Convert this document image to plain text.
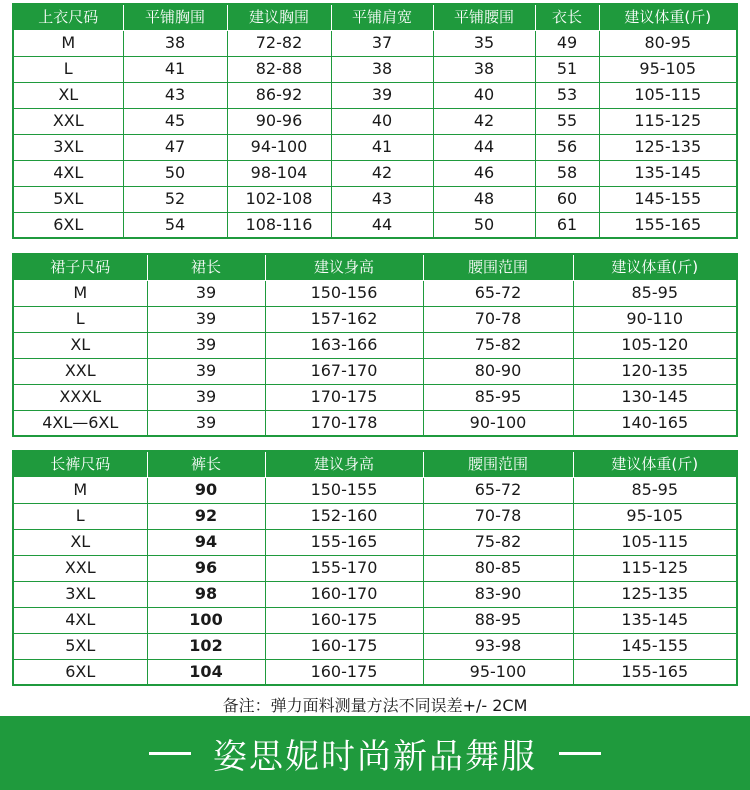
上衣尺码	平铺胸围	建议胸围	平铺肩宽	平铺腰围	衣长	建议体重(斤)
M	38	72-82	37	35	49	80-95
L	41	82-88	38	38	51	95-105
XL	43	86-92	39	40	53	105-115
XXL	45	90-96	40	42	55	115-125
3XL	47	94-100	41	44	56	125-135
4XL	50	98-104	42	46	58	135-145
5XL	52	102-108	43	48	60	145-155
6XL	54	108-116	44	50	61	155-165
裙子尺码	裙长	建议身高	腰围范围	建议体重(斤)
M	39	150-156	65-72	85-95
L	39	157-162	70-78	90-110
XL	39	163-166	75-82	105-120
XXL	39	167-170	80-90	120-135
XXXL	39	170-175	85-95	130-145
4XL—6XL	39	170-178	90-100	140-165
长裤尺码	裤长	建议身高	腰围范围	建议体重(斤)
M	90	150-155	65-72	85-95
L	92	152-160	70-78	95-105
XL	94	155-165	75-82	105-115
XXL	96	155-170	80-85	115-125
3XL	98	160-170	83-90	125-135
4XL	100	160-175	88-95	135-145
5XL	102	160-175	93-98	145-155
6XL	104	160-175	95-100	155-165
备注：弹力面料测量方法不同误差+/- 2CM
姿思妮时尚新品舞服
